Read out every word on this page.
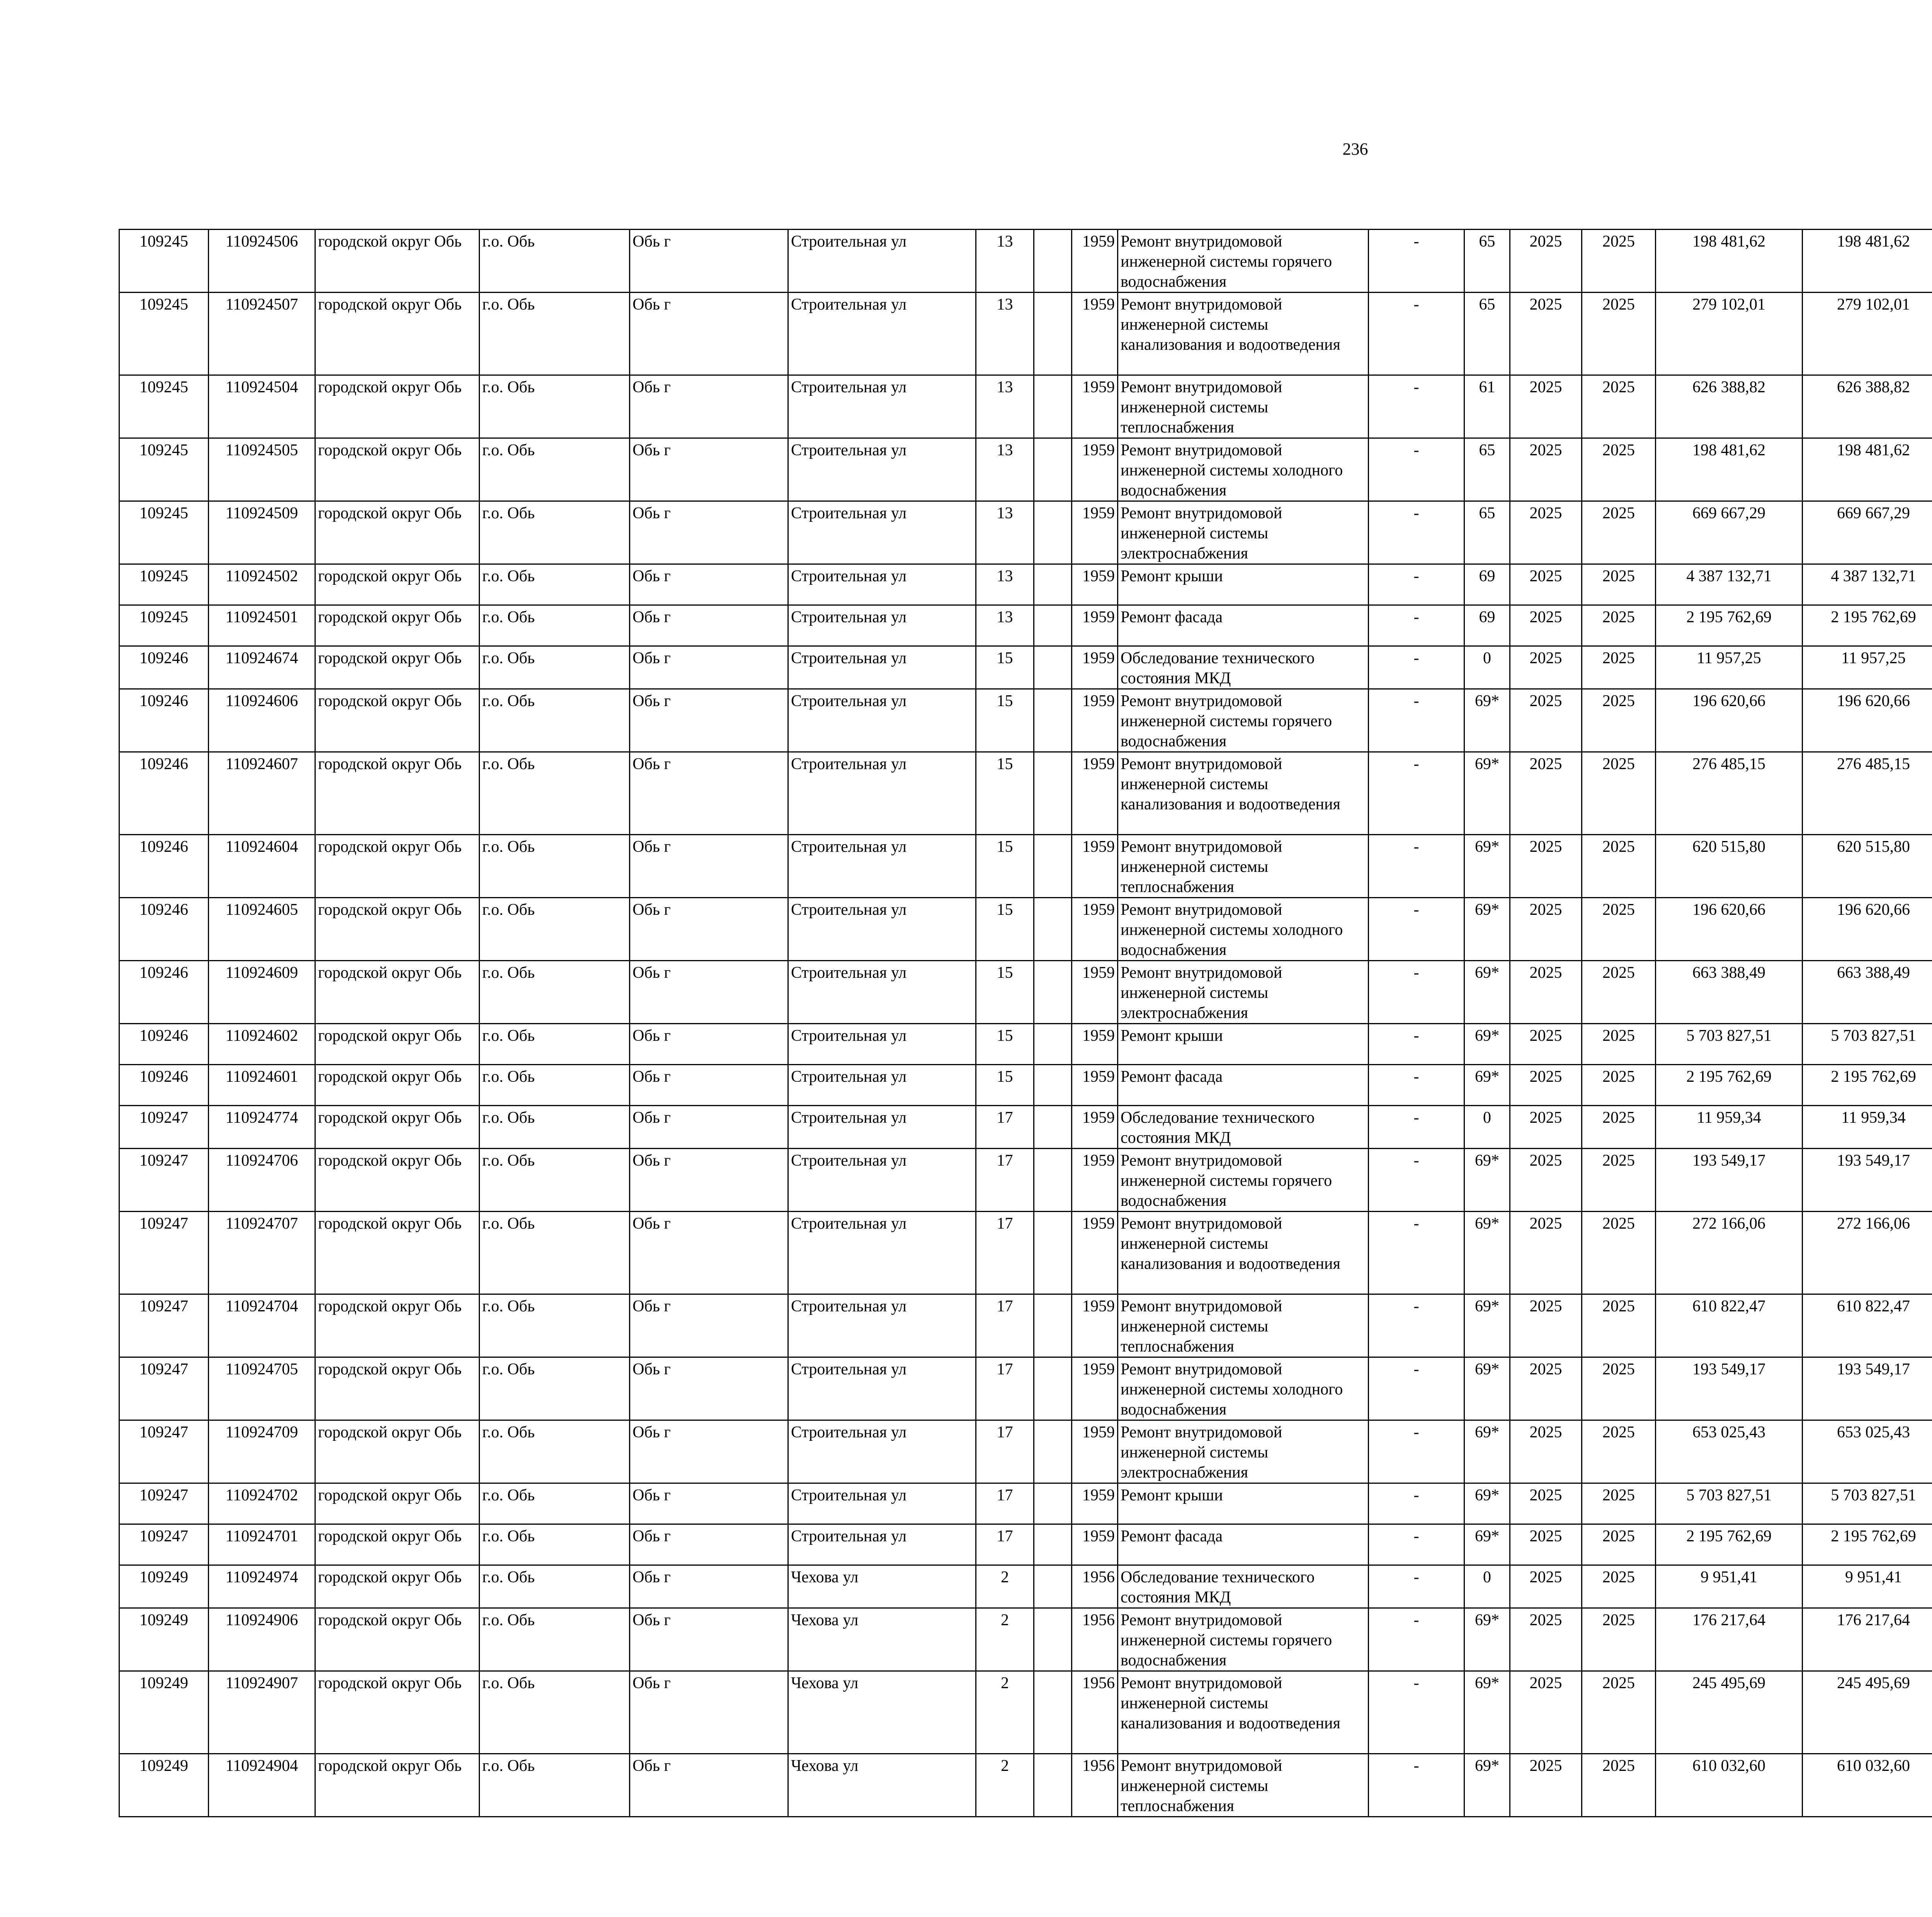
236
109245	110924506	городской округ Обь	г.о. Обь	Обь г	Строительная ул	13		1959	Ремонт внутридомовой инженерной системы горячего водоснабжения	-	65	2025	2025	198 481,62	198 481,62						
109245	110924507	городской округ Обь	г.о. Обь	Обь г	Строительная ул	13		1959	Ремонт внутридомовой инженерной системы канализования и водоотведения	-	65	2025	2025	279 102,01	279 102,01						
109245	110924504	городской округ Обь	г.о. Обь	Обь г	Строительная ул	13		1959	Ремонт внутридомовой инженерной системы теплоснабжения	-	61	2025	2025	626 388,82	626 388,82						
109245	110924505	городской округ Обь	г.о. Обь	Обь г	Строительная ул	13		1959	Ремонт внутридомовой инженерной системы холодного водоснабжения	-	65	2025	2025	198 481,62	198 481,62						
109245	110924509	городской округ Обь	г.о. Обь	Обь г	Строительная ул	13		1959	Ремонт внутридомовой инженерной системы электроснабжения	-	65	2025	2025	669 667,29	669 667,29						
109245	110924502	городской округ Обь	г.о. Обь	Обь г	Строительная ул	13		1959	Ремонт крыши	-	69	2025	2025	4 387 132,71	4 387 132,71						
109245	110924501	городской округ Обь	г.о. Обь	Обь г	Строительная ул	13		1959	Ремонт фасада	-	69	2025	2025	2 195 762,69	2 195 762,69						
109246	110924674	городской округ Обь	г.о. Обь	Обь г	Строительная ул	15		1959	Обследование технического состояния МКД	-	0	2025	2025	11 957,25	11 957,25						
109246	110924606	городской округ Обь	г.о. Обь	Обь г	Строительная ул	15		1959	Ремонт внутридомовой инженерной системы горячего водоснабжения	-	69*	2025	2025	196 620,66	196 620,66						
109246	110924607	городской округ Обь	г.о. Обь	Обь г	Строительная ул	15		1959	Ремонт внутридомовой инженерной системы канализования и водоотведения	-	69*	2025	2025	276 485,15	276 485,15						
109246	110924604	городской округ Обь	г.о. Обь	Обь г	Строительная ул	15		1959	Ремонт внутридомовой инженерной системы теплоснабжения	-	69*	2025	2025	620 515,80	620 515,80						
109246	110924605	городской округ Обь	г.о. Обь	Обь г	Строительная ул	15		1959	Ремонт внутридомовой инженерной системы холодного водоснабжения	-	69*	2025	2025	196 620,66	196 620,66						
109246	110924609	городской округ Обь	г.о. Обь	Обь г	Строительная ул	15		1959	Ремонт внутридомовой инженерной системы электроснабжения	-	69*	2025	2025	663 388,49	663 388,49						
109246	110924602	городской округ Обь	г.о. Обь	Обь г	Строительная ул	15		1959	Ремонт крыши	-	69*	2025	2025	5 703 827,51	5 703 827,51						
109246	110924601	городской округ Обь	г.о. Обь	Обь г	Строительная ул	15		1959	Ремонт фасада	-	69*	2025	2025	2 195 762,69	2 195 762,69						
109247	110924774	городской округ Обь	г.о. Обь	Обь г	Строительная ул	17		1959	Обследование технического состояния МКД	-	0	2025	2025	11 959,34	11 959,34						
109247	110924706	городской округ Обь	г.о. Обь	Обь г	Строительная ул	17		1959	Ремонт внутридомовой инженерной системы горячего водоснабжения	-	69*	2025	2025	193 549,17	193 549,17						
109247	110924707	городской округ Обь	г.о. Обь	Обь г	Строительная ул	17		1959	Ремонт внутридомовой инженерной системы канализования и водоотведения	-	69*	2025	2025	272 166,06	272 166,06						
109247	110924704	городской округ Обь	г.о. Обь	Обь г	Строительная ул	17		1959	Ремонт внутридомовой инженерной системы теплоснабжения	-	69*	2025	2025	610 822,47	610 822,47						
109247	110924705	городской округ Обь	г.о. Обь	Обь г	Строительная ул	17		1959	Ремонт внутридомовой инженерной системы холодного водоснабжения	-	69*	2025	2025	193 549,17	193 549,17						
109247	110924709	городской округ Обь	г.о. Обь	Обь г	Строительная ул	17		1959	Ремонт внутридомовой инженерной системы электроснабжения	-	69*	2025	2025	653 025,43	653 025,43						
109247	110924702	городской округ Обь	г.о. Обь	Обь г	Строительная ул	17		1959	Ремонт крыши	-	69*	2025	2025	5 703 827,51	5 703 827,51						
109247	110924701	городской округ Обь	г.о. Обь	Обь г	Строительная ул	17		1959	Ремонт фасада	-	69*	2025	2025	2 195 762,69	2 195 762,69						
109249	110924974	городской округ Обь	г.о. Обь	Обь г	Чехова ул	2		1956	Обследование технического состояния МКД	-	0	2025	2025	9 951,41	9 951,41						
109249	110924906	городской округ Обь	г.о. Обь	Обь г	Чехова ул	2		1956	Ремонт внутридомовой инженерной системы горячего водоснабжения	-	69*	2025	2025	176 217,64	176 217,64						
109249	110924907	городской округ Обь	г.о. Обь	Обь г	Чехова ул	2		1956	Ремонт внутридомовой инженерной системы канализования и водоотведения	-	69*	2025	2025	245 495,69	245 495,69						
109249	110924904	городской округ Обь	г.о. Обь	Обь г	Чехова ул	2		1956	Ремонт внутридомовой инженерной системы теплоснабжения	-	69*	2025	2025	610 032,60	610 032,60						
